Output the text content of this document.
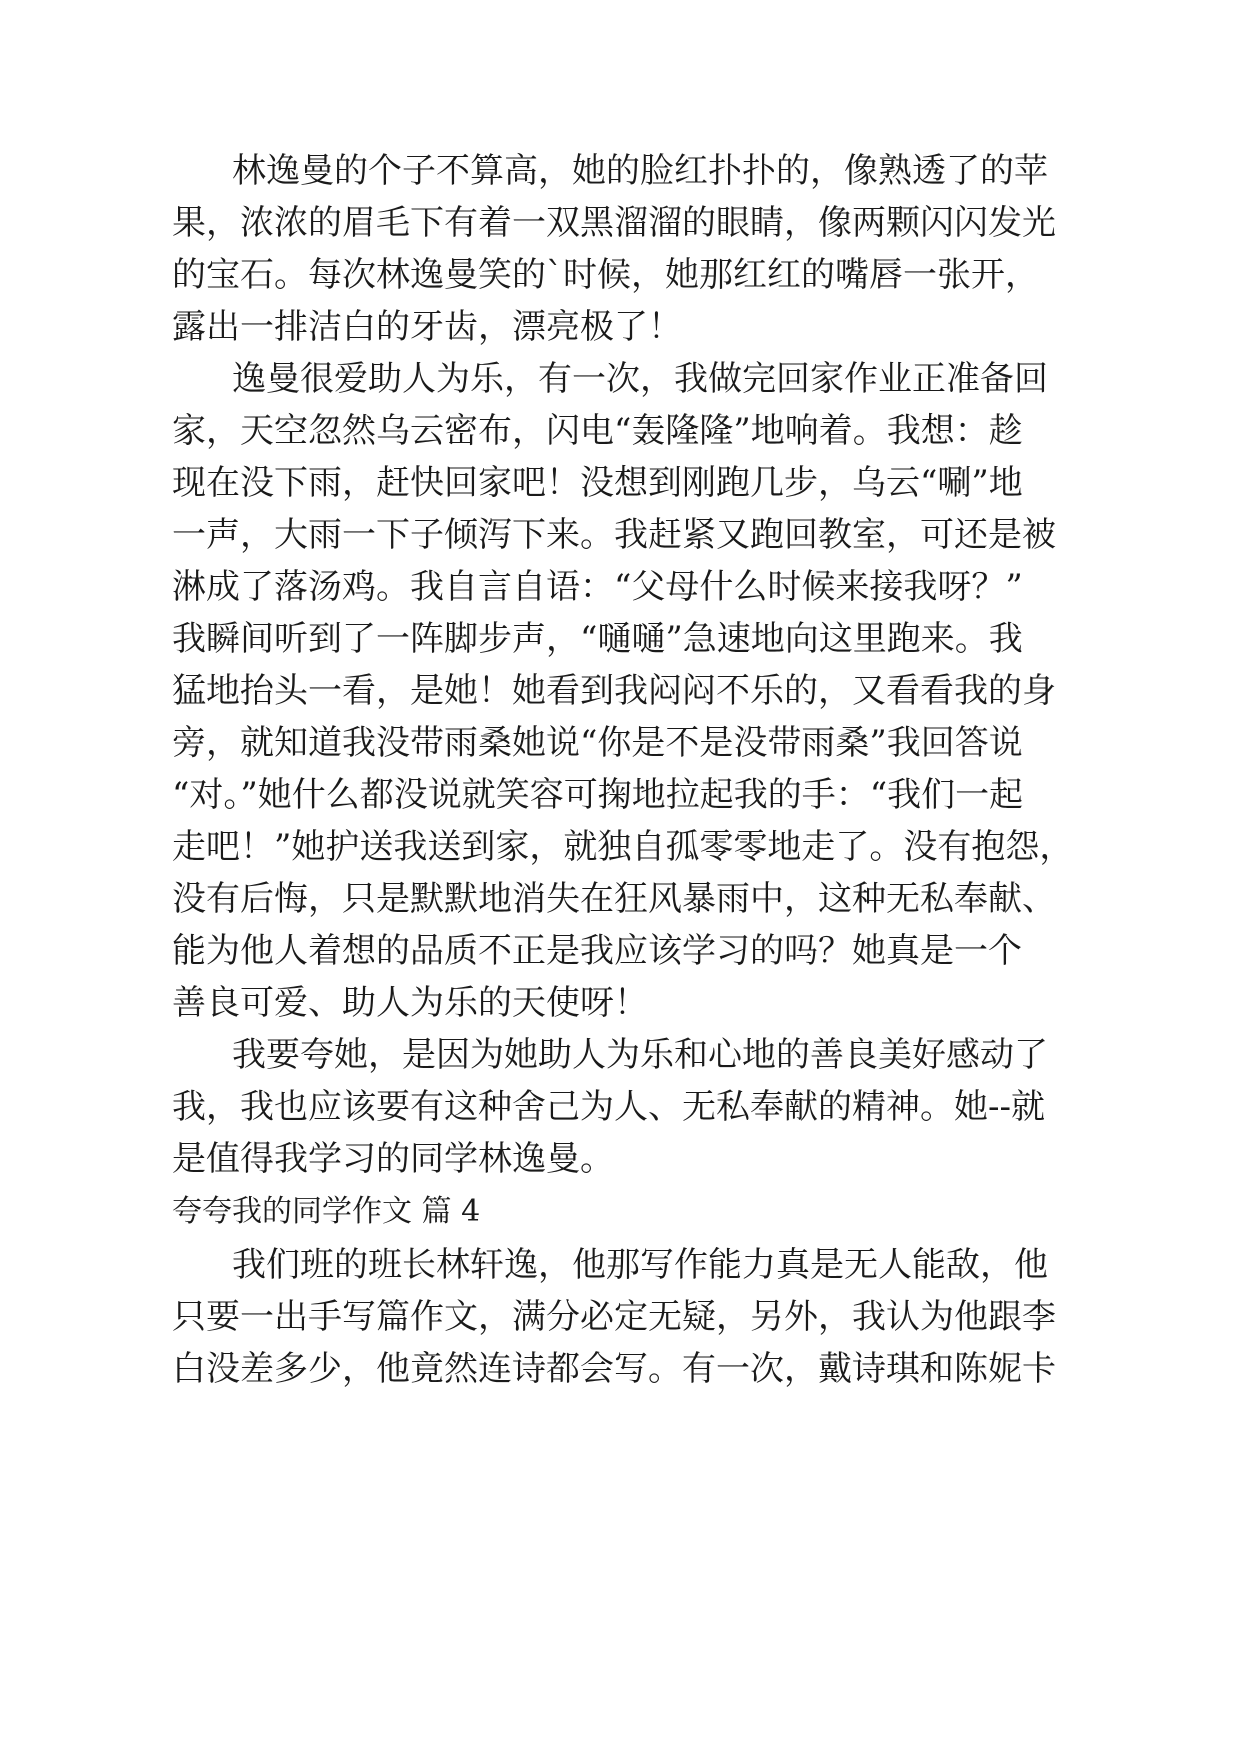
林逸曼的个子不算高，她的脸红扑扑的，像熟透了的苹
果，浓浓的眉毛下有着一双黑溜溜的眼睛，像两颗闪闪发光
的宝石。每次林逸曼笑的`时候，她那红红的嘴唇一张开，
露出一排洁白的牙齿，漂亮极了！
逸曼很爱助人为乐，有一次，我做完回家作业正准备回
家，天空忽然乌云密布，闪电“轰隆隆”地响着。我想：趁
现在没下雨，赶快回家吧！没想到刚跑几步，乌云“唰”地
一声，大雨一下子倾泻下来。我赶紧又跑回教室，可还是被
淋成了落汤鸡。我自言自语：“父母什么时候来接我呀？”
我瞬间听到了一阵脚步声，“嗵嗵”急速地向这里跑来。我
猛地抬头一看，是她！她看到我闷闷不乐的，又看看我的身
旁，就知道我没带雨桑她说“你是不是没带雨桑”我回答说
“对。”她什么都没说就笑容可掬地拉起我的手：“我们一起
走吧！”她护送我送到家，就独自孤零零地走了。没有抱怨，
没有后悔，只是默默地消失在狂风暴雨中，这种无私奉献、
能为他人着想的品质不正是我应该学习的吗？她真是一个
善良可爱、助人为乐的天使呀！
我要夸她，是因为她助人为乐和心地的善良美好感动了
我，我也应该要有这种舍己为人、无私奉献的精神。她--就
是值得我学习的同学林逸曼。
夸夸我的同学作文 篇 4
我们班的班长林轩逸，他那写作能力真是无人能敌，他
只要一出手写篇作文，满分必定无疑，另外，我认为他跟李
白没差多少，他竟然连诗都会写。有一次，戴诗琪和陈妮卡
